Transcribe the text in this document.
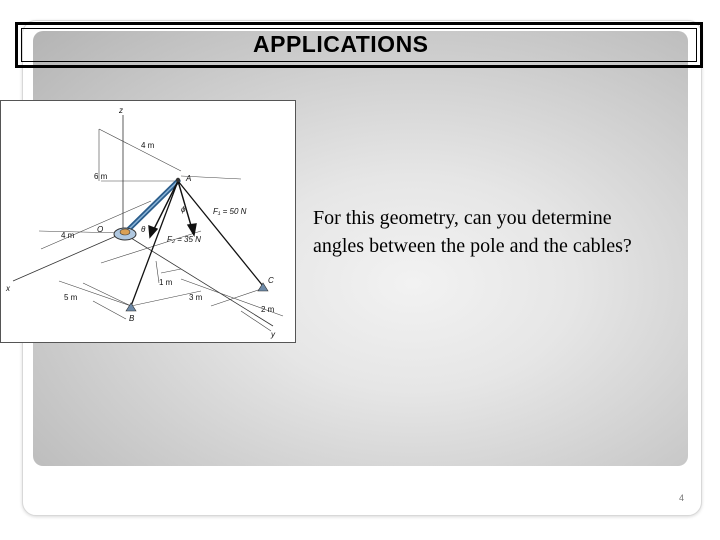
APPLICATIONS
z
x
y
4 m
6 m
4 m
5 m
1 m
3 m
2 m
F₁ = 50 N
F₂ = 35 N
A
B
C
O
ϕ
θ
For this geometry, can you determine
angles between the pole and the cables?
4
